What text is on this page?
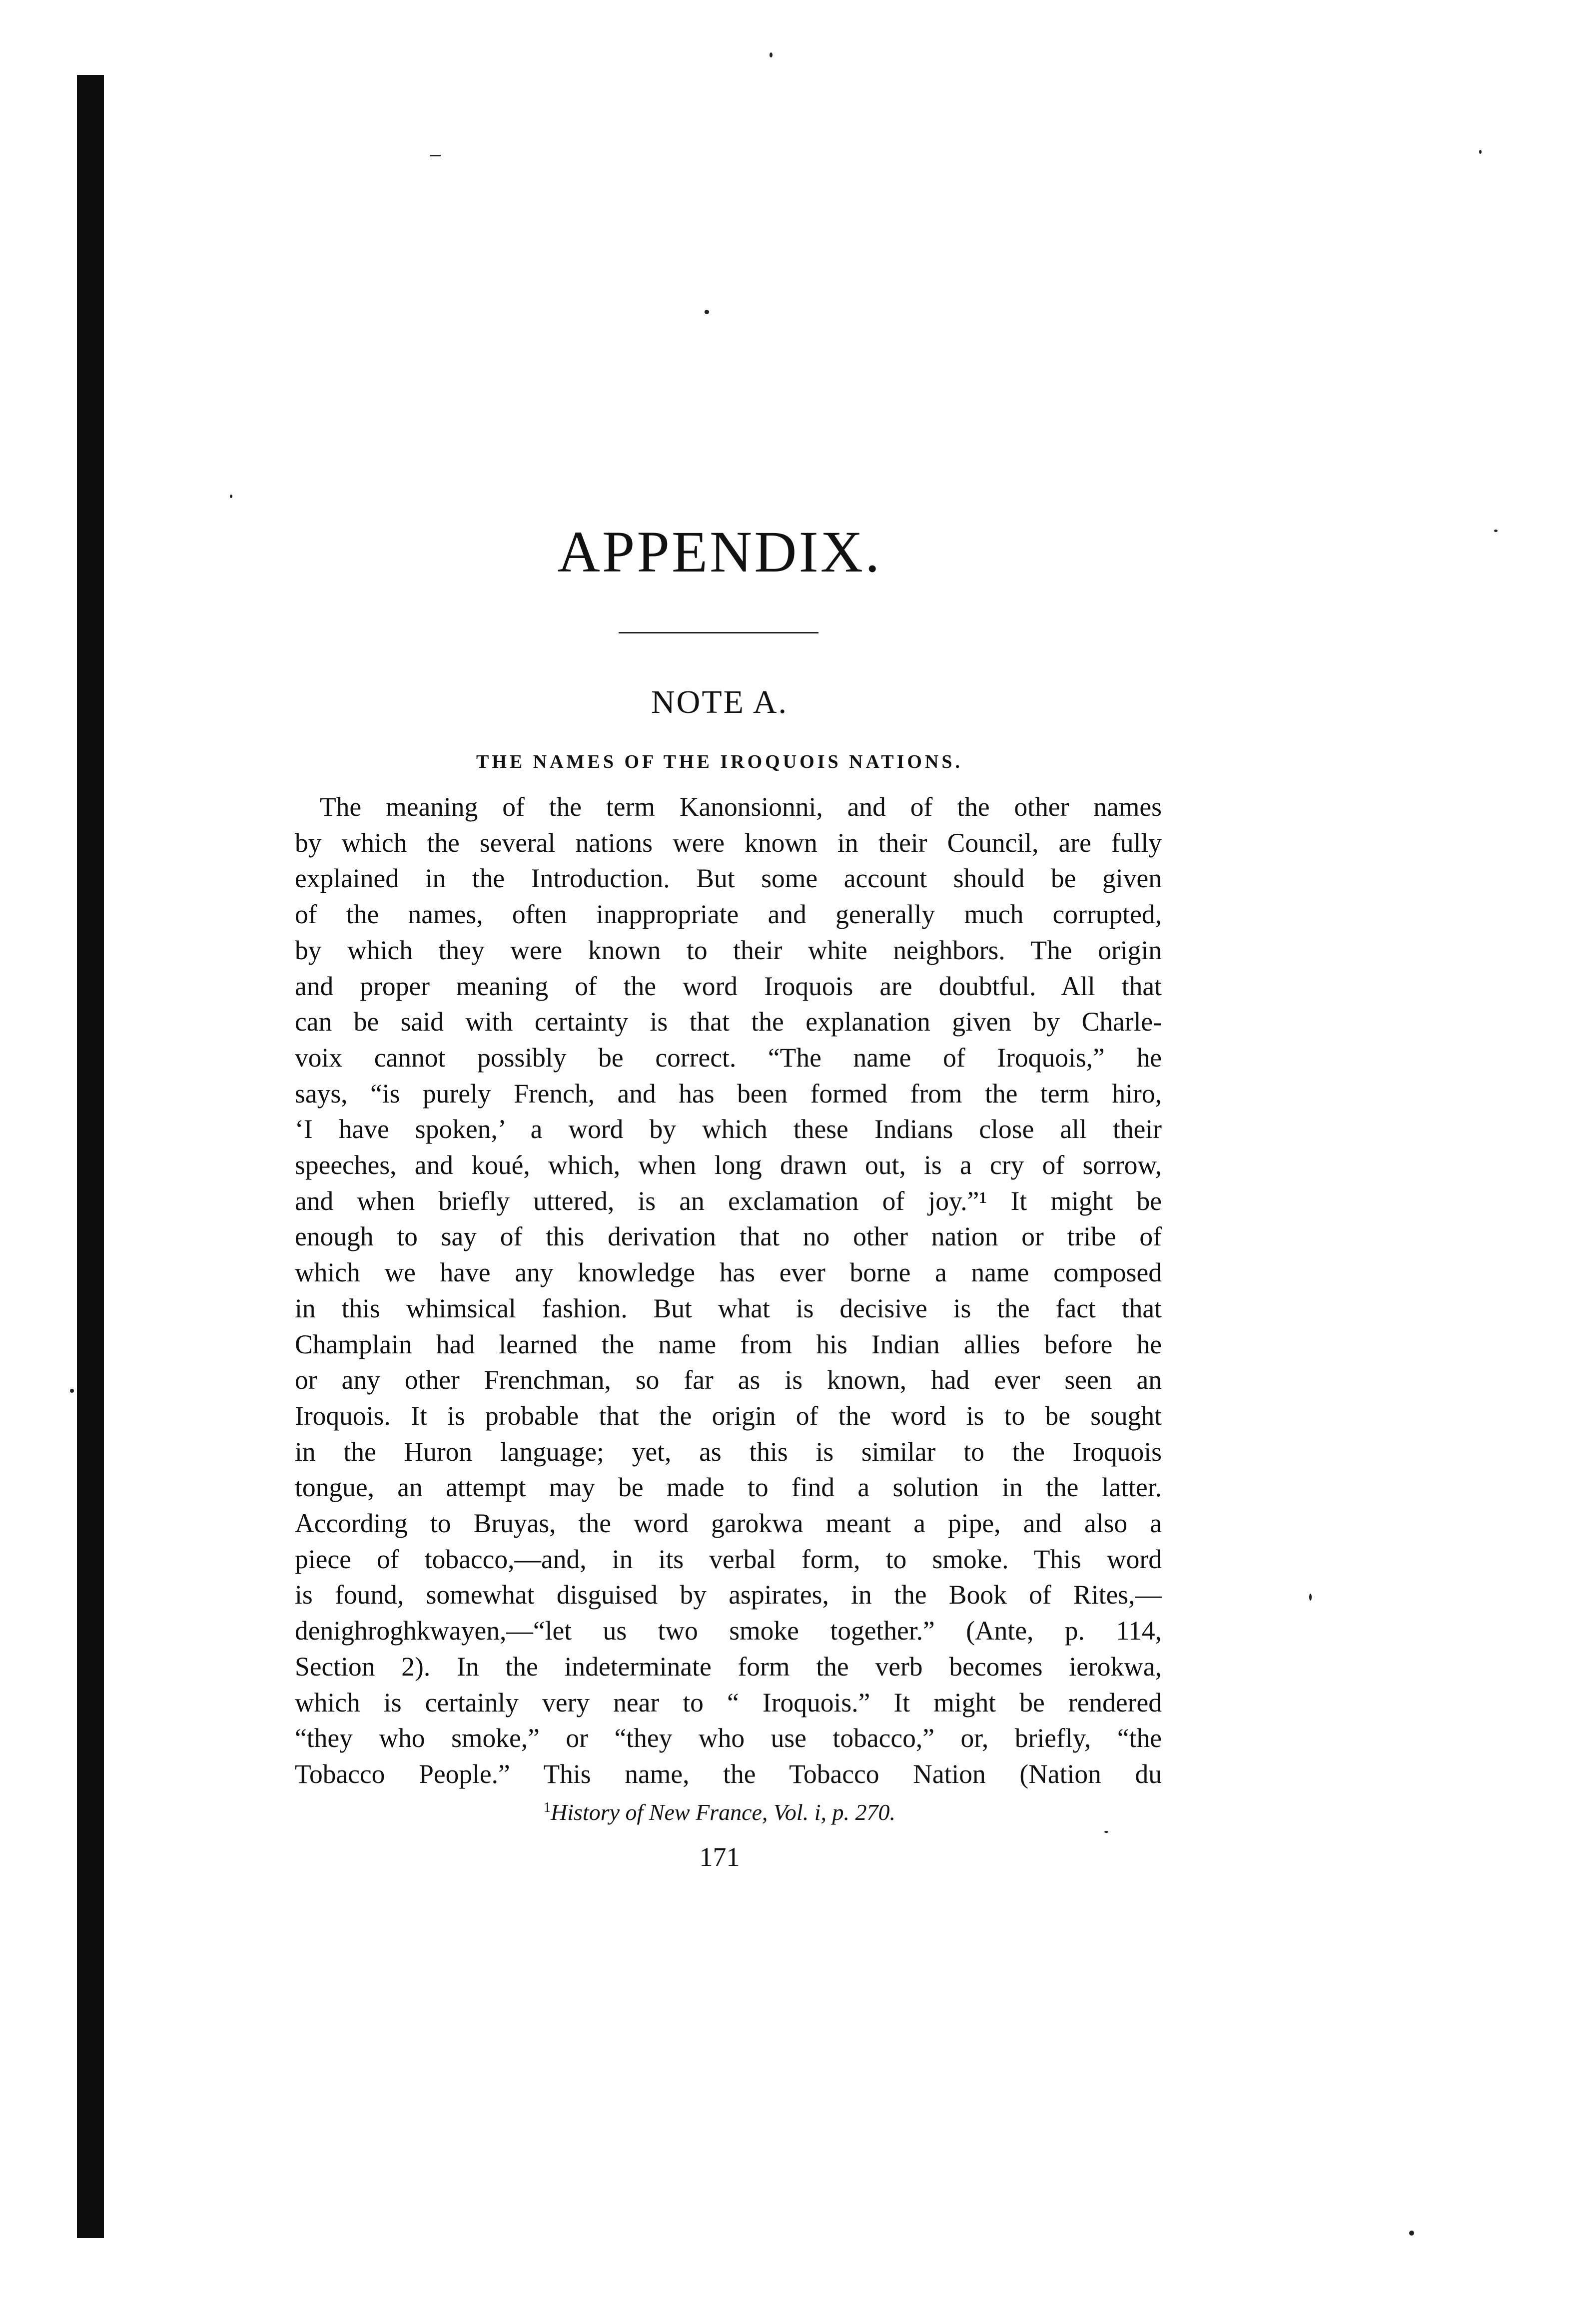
APPENDIX.
NOTE A.
THE NAMES OF THE IROQUOIS NATIONS.
The meaning of the term Kanonsionni, and of the other names
by which the several nations were known in their Council, are fully
explained in the Introduction. But some account should be given
of the names, often inappropriate and generally much corrupted,
by which they were known to their white neighbors. The origin
and proper meaning of the word Iroquois are doubtful. All that
can be said with certainty is that the explanation given by Charle-
voix cannot possibly be correct. “The name of Iroquois,” he
says, “is purely French, and has been formed from the term hiro,
‘I have spoken,’ a word by which these Indians close all their
speeches, and koué, which, when long drawn out, is a cry of sorrow,
and when briefly uttered, is an exclamation of joy.”¹ It might be
enough to say of this derivation that no other nation or tribe of
which we have any knowledge has ever borne a name composed
in this whimsical fashion. But what is decisive is the fact that
Champlain had learned the name from his Indian allies before he
or any other Frenchman, so far as is known, had ever seen an
Iroquois. It is probable that the origin of the word is to be sought
in the Huron language; yet, as this is similar to the Iroquois
tongue, an attempt may be made to find a solution in the latter.
According to Bruyas, the word garokwa meant a pipe, and also a
piece of tobacco,—and, in its verbal form, to smoke. This word
is found, somewhat disguised by aspirates, in the Book of Rites,—
denighroghkwayen,—“let us two smoke together.” (Ante, p. 114,
Section 2). In the indeterminate form the verb becomes ierokwa,
which is certainly very near to “ Iroquois.” It might be rendered
“they who smoke,” or “they who use tobacco,” or, briefly, “the
Tobacco People.” This name, the Tobacco Nation (Nation du

$^1$History of New France, Vol. i, p. 270.

171
